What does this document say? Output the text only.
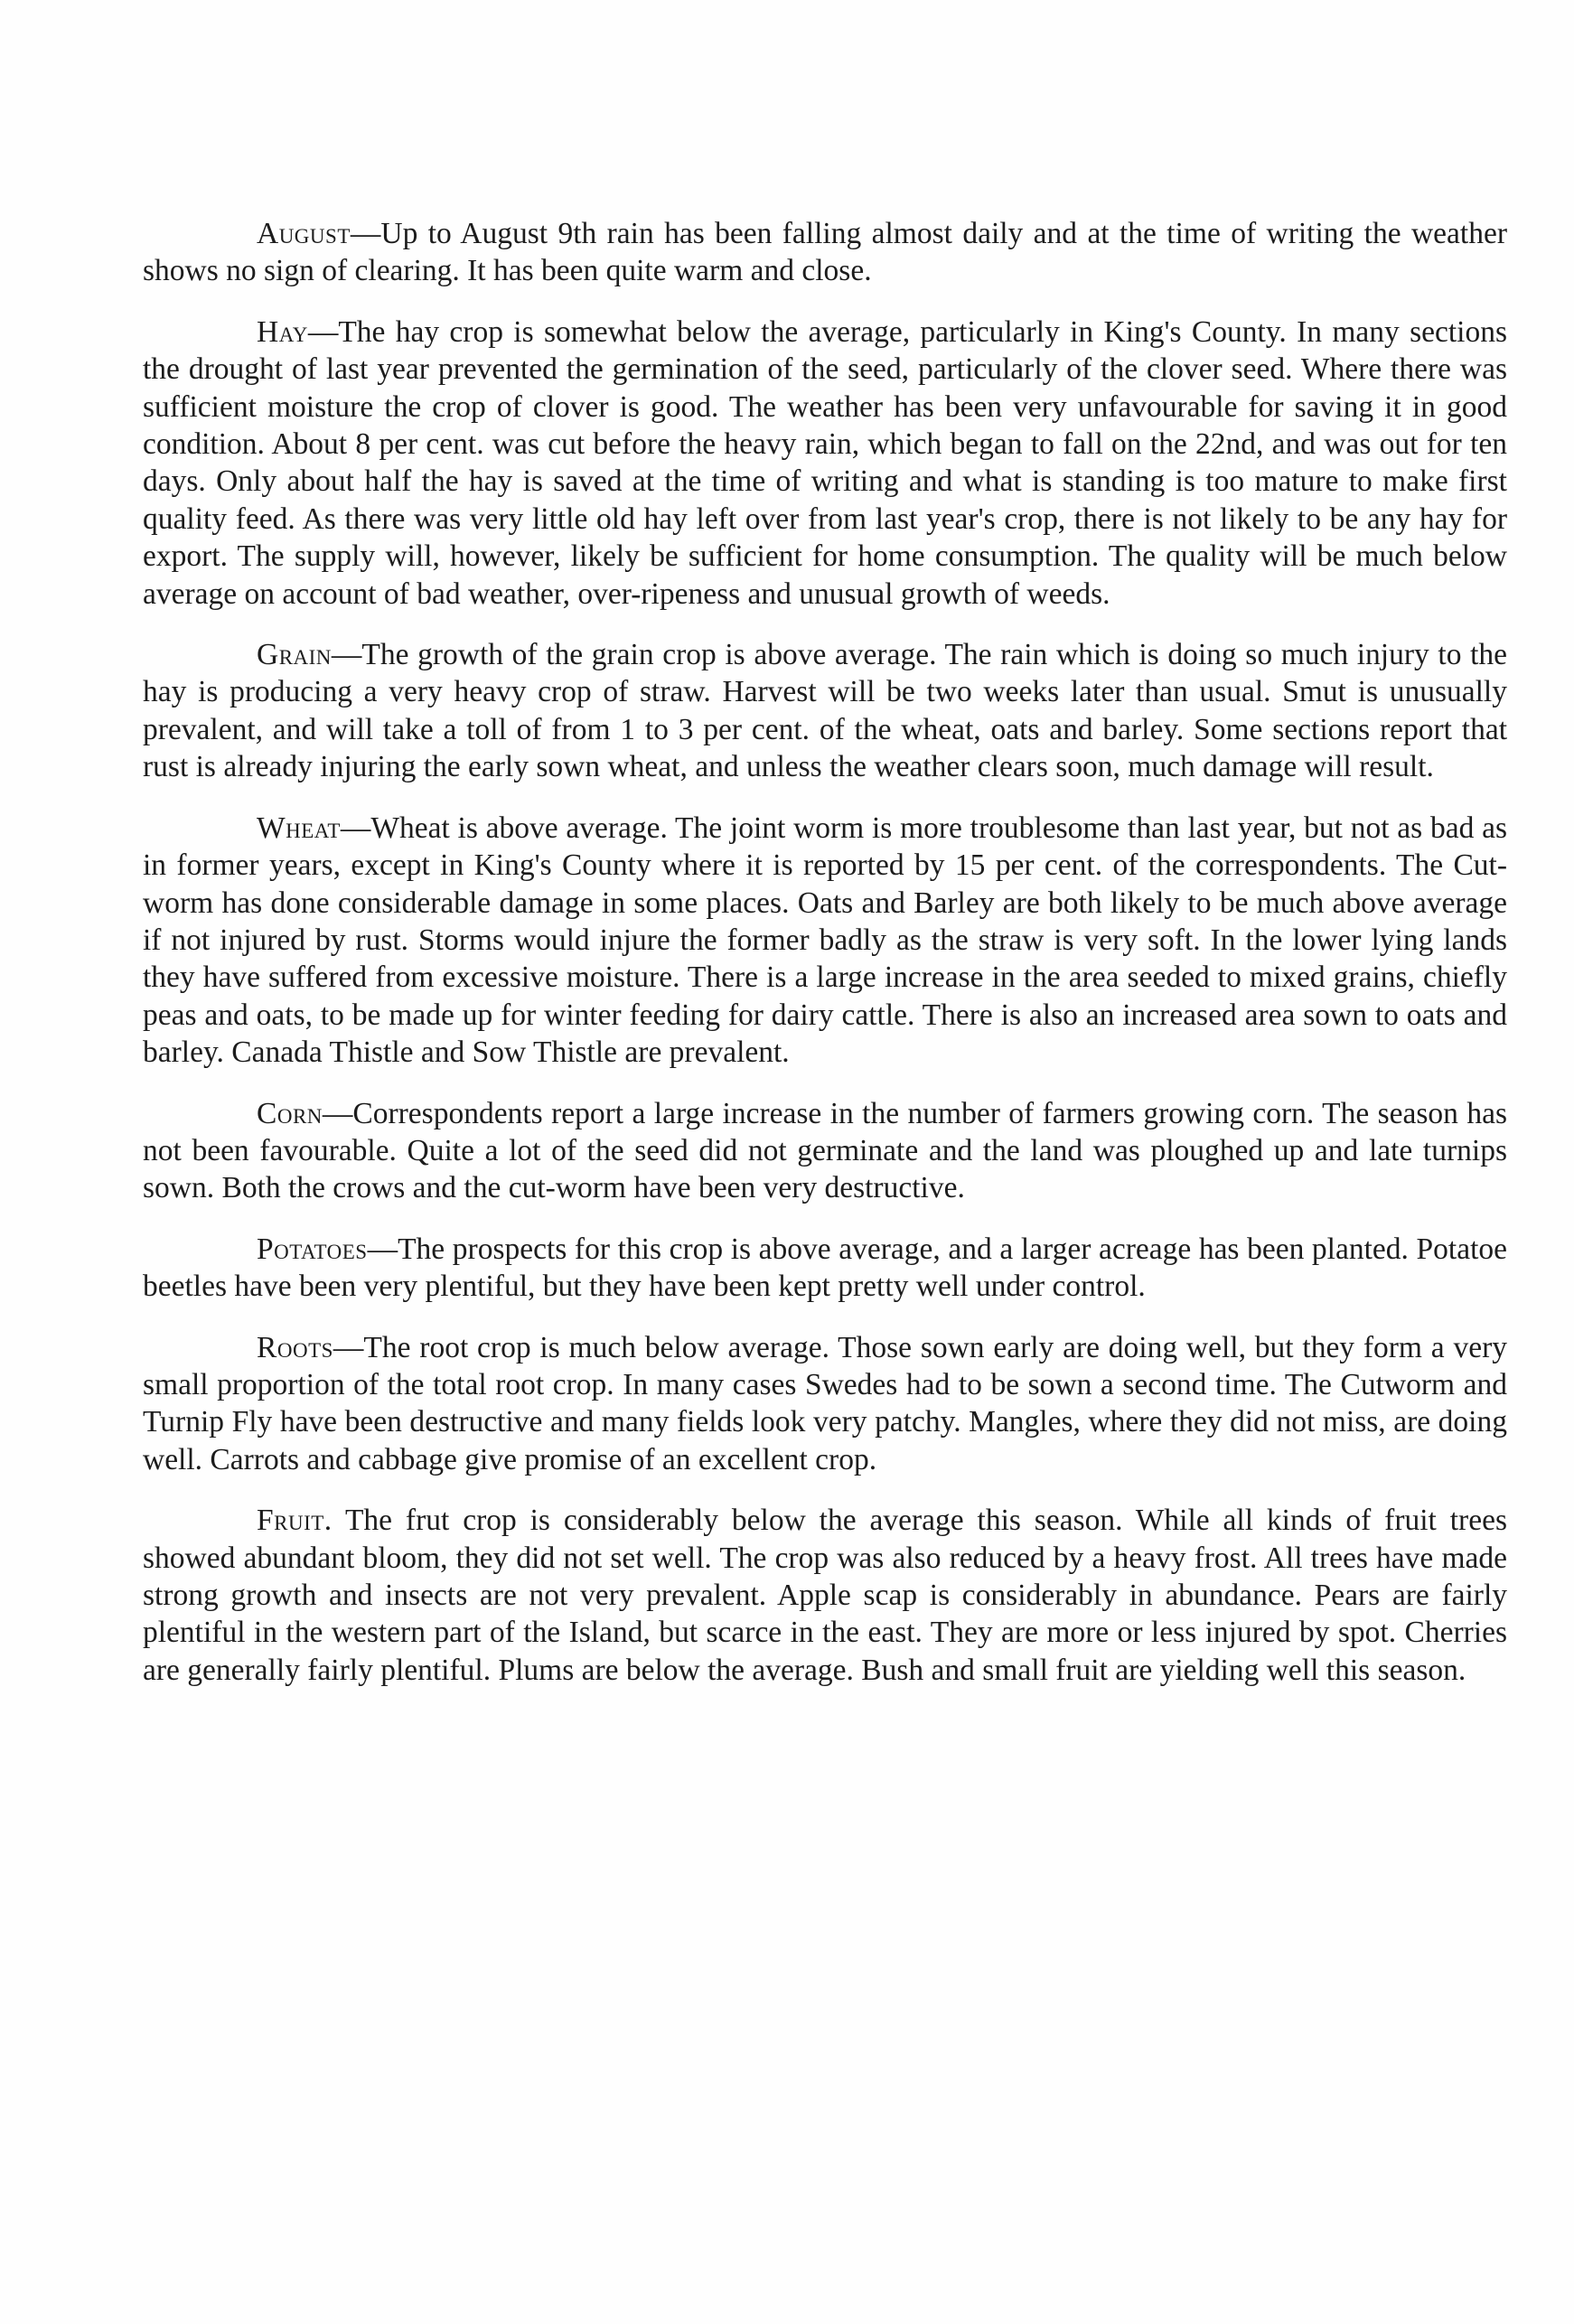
August—Up to August 9th rain has been falling almost daily and at the time of writing the weather shows no sign of clearing. It has been quite warm and close.

Hay—The hay crop is somewhat below the average, particularly in King's County. In many sections the drought of last year prevented the germination of the seed, particularly of the clover seed. Where there was sufficient moisture the crop of clover is good. The weather has been very unfavourable for saving it in good condition. About 8 per cent. was cut before the heavy rain, which began to fall on the 22nd, and was out for ten days. Only about half the hay is saved at the time of writing and what is standing is too mature to make first quality feed. As there was very little old hay left over from last year's crop, there is not likely to be any hay for export. The supply will, however, likely be sufficient for home consumption. The quality will be much below average on account of bad weather, over-ripeness and unusual growth of weeds.

Grain—The growth of the grain crop is above average. The rain which is doing so much injury to the hay is producing a very heavy crop of straw. Harvest will be two weeks later than usual. Smut is unusually prevalent, and will take a toll of from 1 to 3 per cent. of the wheat, oats and barley. Some sections report that rust is already injuring the early sown wheat, and unless the weather clears soon, much damage will result.

Wheat—Wheat is above average. The joint worm is more troublesome than last year, but not as bad as in former years, except in King's County where it is reported by 15 per cent. of the correspondents. The Cut-worm has done considerable damage in some places. Oats and Barley are both likely to be much above average if not injured by rust. Storms would injure the former badly as the straw is very soft. In the lower lying lands they have suffered from excessive moisture. There is a large increase in the area seeded to mixed grains, chiefly peas and oats, to be made up for winter feeding for dairy cattle. There is also an increased area sown to oats and barley. Canada Thistle and Sow Thistle are prevalent.

Corn—Correspondents report a large increase in the number of farmers growing corn. The season has not been favourable. Quite a lot of the seed did not germinate and the land was ploughed up and late turnips sown. Both the crows and the cut-worm have been very destructive.

Potatoes—The prospects for this crop is above average, and a larger acreage has been planted. Potatoe beetles have been very plentiful, but they have been kept pretty well under control.

Roots—The root crop is much below average. Those sown early are doing well, but they form a very small proportion of the total root crop. In many cases Swedes had to be sown a second time. The Cutworm and Turnip Fly have been destructive and many fields look very patchy. Mangles, where they did not miss, are doing well. Carrots and cabbage give promise of an excellent crop.

Fruit. The frut crop is considerably below the average this season. While all kinds of fruit trees showed abundant bloom, they did not set well. The crop was also reduced by a heavy frost. All trees have made strong growth and insects are not very prevalent. Apple scap is considerably in abundance. Pears are fairly plentiful in the western part of the Island, but scarce in the east. They are more or less injured by spot. Cherries are generally fairly plentiful. Plums are below the average. Bush and small fruit are yielding well this season.
